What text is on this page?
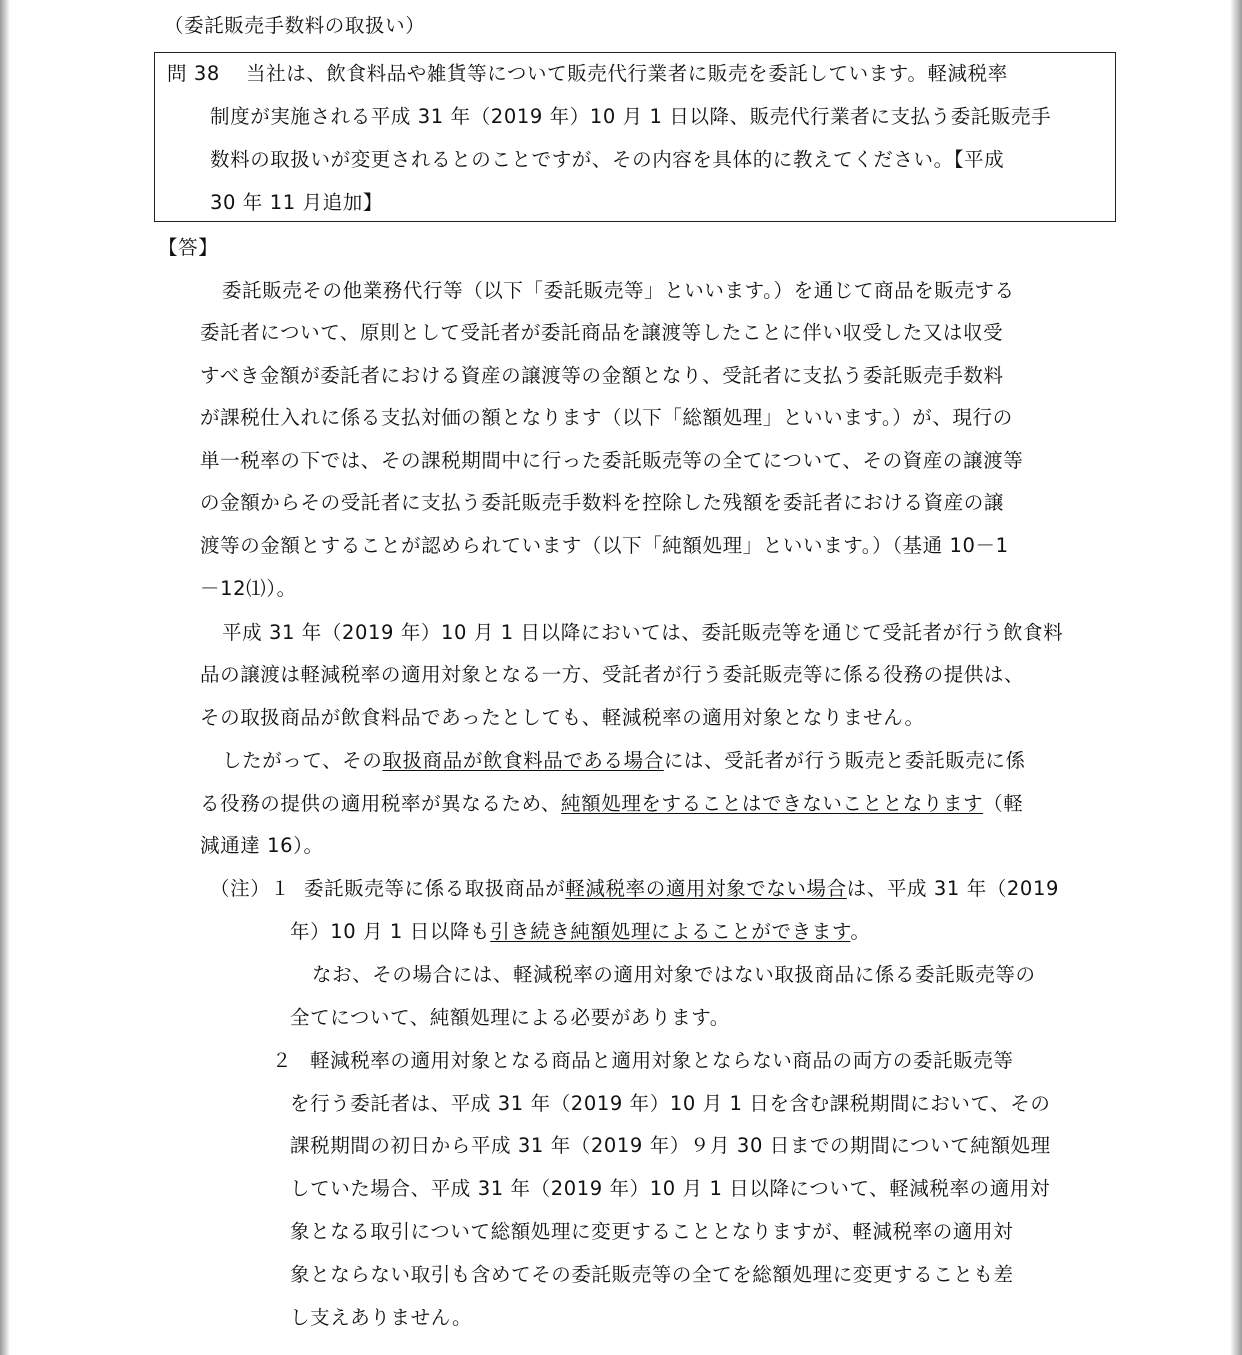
（委託販売手数料の取扱い）
問 38 当社は、飲食料品や雑貨等について販売代行業者に販売を委託しています。軽減税率
制度が実施される平成 31 年（2019 年）10 月 1 日以降、販売代行業者に支払う委託販売手
数料の取扱いが変更されるとのことですが、その内容を具体的に教えてください。【平成
30 年 11 月追加】
【答】
委託販売その他業務代行等（以下「委託販売等」といいます。）を通じて商品を販売する
委託者について、原則として受託者が委託商品を譲渡等したことに伴い収受した又は収受
すべき金額が委託者における資産の譲渡等の金額となり、受託者に支払う委託販売手数料
が課税仕入れに係る支払対価の額となります（以下「総額処理」といいます。）が、現行の
単一税率の下では、その課税期間中に行った委託販売等の全てについて、その資産の譲渡等
の金額からその受託者に支払う委託販売手数料を控除した残額を委託者における資産の譲
渡等の金額とすることが認められています（以下「純額処理」といいます。）（基通 10－1
－12⑴）。
平成 31 年（2019 年）10 月 1 日以降においては、委託販売等を通じて受託者が行う飲食料
品の譲渡は軽減税率の適用対象となる一方、受託者が行う委託販売等に係る役務の提供は、
その取扱商品が飲食料品であったとしても、軽減税率の適用対象となりません。
したがって、その取扱商品が飲食料品である場合には、受託者が行う販売と委託販売に係
る役務の提供の適用税率が異なるため、純額処理をすることはできないこととなります（軽
減通達 16）。
（注）１ 委託販売等に係る取扱商品が軽減税率の適用対象でない場合は、平成 31 年（2019
年）10 月 1 日以降も引き続き純額処理によることができます。
なお、その場合には、軽減税率の適用対象ではない取扱商品に係る委託販売等の
全てについて、純額処理による必要があります。
２ 軽減税率の適用対象となる商品と適用対象とならない商品の両方の委託販売等
を行う委託者は、平成 31 年（2019 年）10 月 1 日を含む課税期間において、その
課税期間の初日から平成 31 年（2019 年）９月 30 日までの期間について純額処理
していた場合、平成 31 年（2019 年）10 月 1 日以降について、軽減税率の適用対
象となる取引について総額処理に変更することとなりますが、軽減税率の適用対
象とならない取引も含めてその委託販売等の全てを総額処理に変更することも差
し支えありません。
